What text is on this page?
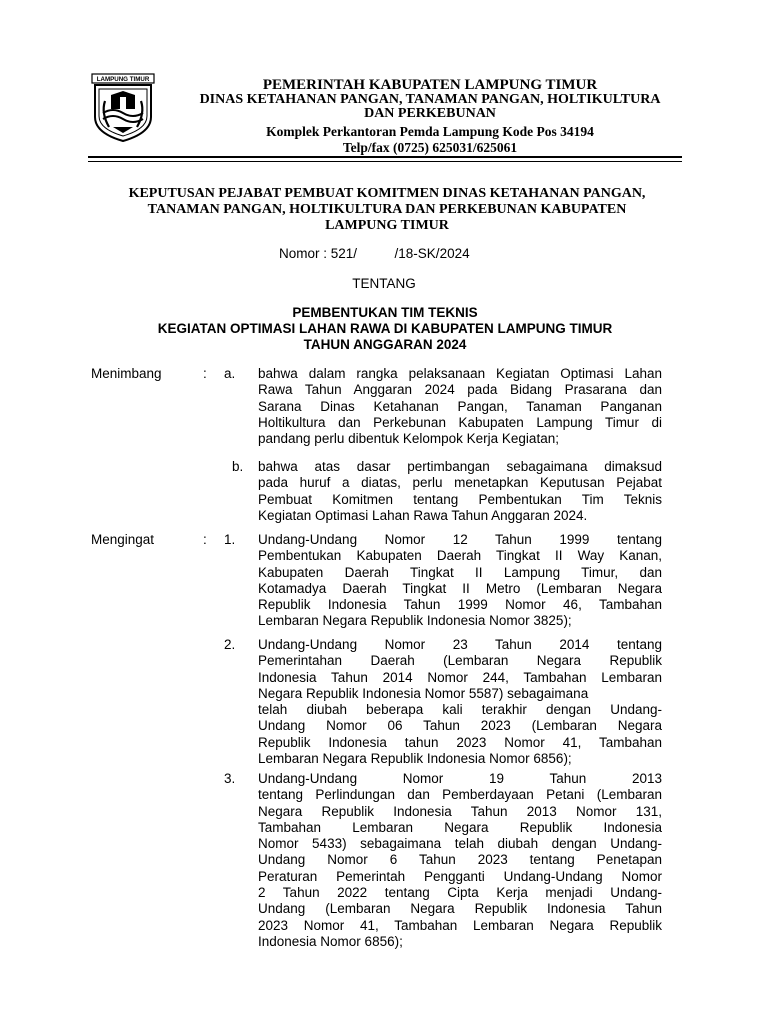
LAMPUNG TIMUR	PEMERINTAH KABUPATEN LAMPUNG TIMUR
DINAS KETAHANAN PANGAN, TANAMAN PANGAN, HOLTIKULTURA
DAN PERKEBUNAN
Komplek Perkantoran Pemda Lampung Kode Pos 34194
Telp/fax (0725) 625031/625061
KEPUTUSAN PEJABAT PEMBUAT KOMITMEN DINAS KETAHANAN PANGAN,
TANAMAN PANGAN, HOLTIKULTURA DAN PERKEBUNAN KABUPATEN
LAMPUNG TIMUR
Nomor : 521/          /18-SK/2024
TENTANG
PEMBENTUKAN TIM TEKNIS
KEGIATAN OPTIMASI LAHAN RAWA DI KABUPATEN LAMPUNG TIMUR
TAHUN ANGGARAN 2024
Menimbang	: a. bahwa dalam rangka pelaksanaan Kegiatan Optimasi Lahan
Rawa Tahun Anggaran 2024 pada Bidang Prasarana dan
Sarana Dinas Ketahanan Pangan, Tanaman Panganan
Holtikultura dan Perkebunan Kabupaten Lampung Timur di
pandang perlu dibentuk Kelompok Kerja Kegiatan;
b. bahwa atas dasar pertimbangan sebagaimana dimaksud
pada huruf a diatas, perlu menetapkan Keputusan Pejabat
Pembuat Komitmen tentang Pembentukan Tim Teknis
Kegiatan Optimasi Lahan Rawa Tahun Anggaran 2024.
Mengingat	: 1. Undang-Undang Nomor 12 Tahun 1999 tentang
Pembentukan Kabupaten Daerah Tingkat II Way Kanan,
Kabupaten Daerah Tingkat II Lampung Timur, dan
Kotamadya Daerah Tingkat II Metro (Lembaran Negara
Republik Indonesia Tahun 1999 Nomor 46, Tambahan
Lembaran Negara Republik Indonesia Nomor 3825);
2. Undang-Undang Nomor 23 Tahun 2014 tentang
Pemerintahan Daerah (Lembaran Negara Republik
Indonesia Tahun 2014 Nomor 244, Tambahan Lembaran
Negara Republik Indonesia Nomor 5587) sebagaimana
telah diubah beberapa kali terakhir dengan Undang-
Undang Nomor 06 Tahun 2023 (Lembaran Negara
Republik Indonesia tahun 2023 Nomor 41, Tambahan
Lembaran Negara Republik Indonesia Nomor 6856);
3. Undang-Undang Nomor 19 Tahun 2013
tentang Perlindungan dan Pemberdayaan Petani (Lembaran
Negara Republik Indonesia Tahun 2013 Nomor 131,
Tambahan Lembaran Negara Republik Indonesia
Nomor 5433) sebagaimana telah diubah dengan Undang-
Undang Nomor 6 Tahun 2023 tentang Penetapan
Peraturan Pemerintah Pengganti Undang-Undang Nomor
2 Tahun 2022 tentang Cipta Kerja menjadi Undang-
Undang (Lembaran Negara Republik Indonesia Tahun
2023 Nomor 41, Tambahan Lembaran Negara Republik
Indonesia Nomor 6856);
